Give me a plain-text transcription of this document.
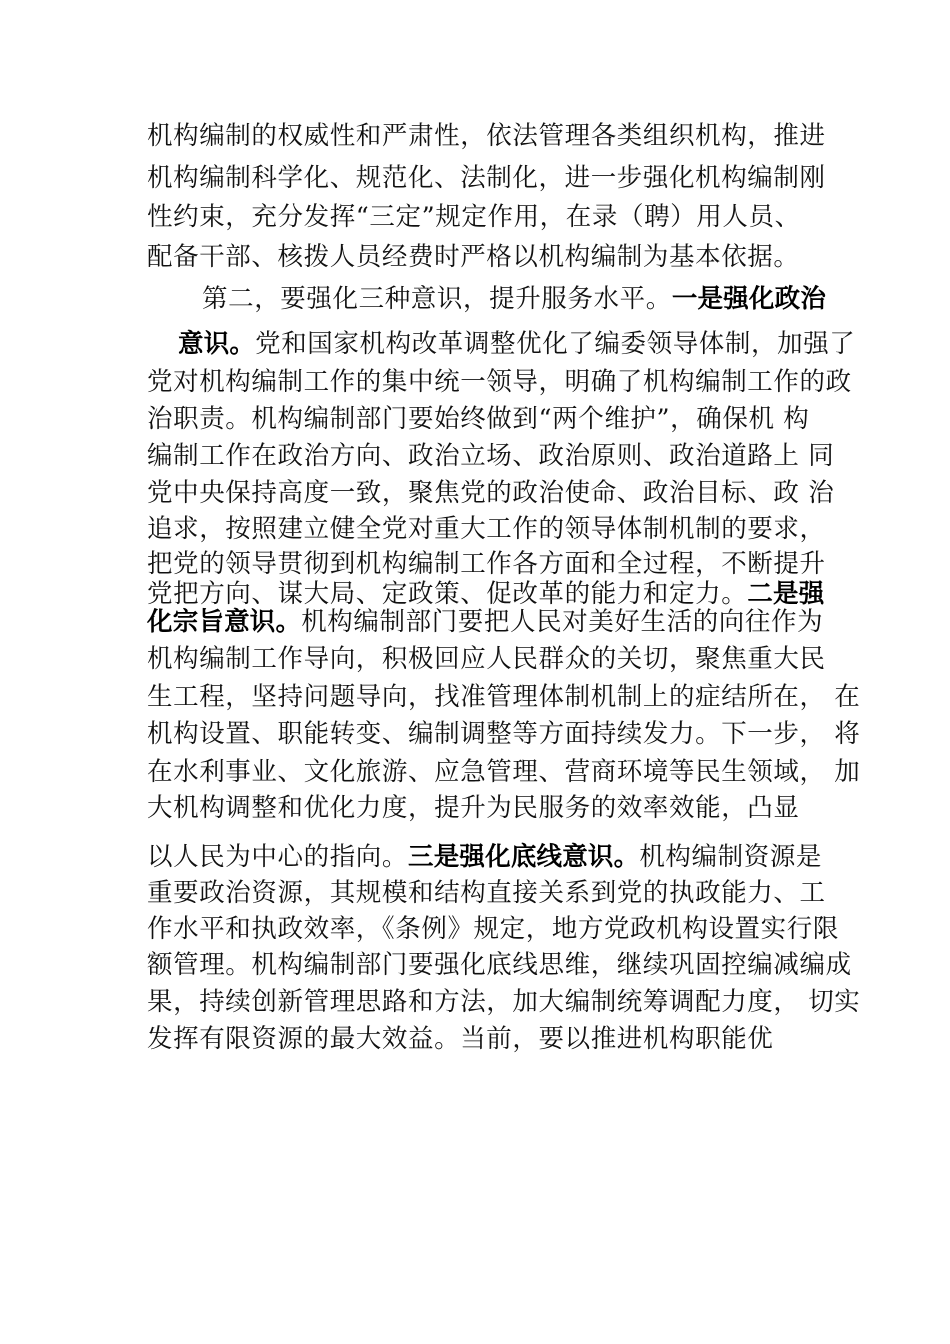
机构编制的权威性和严肃性，依法管理各类组织机构，推进
机构编制科学化、规范化、法制化，进一步强化机构编制刚
性约束，充分发挥“三定”规定作用，在录（聘）用人员、
配备干部、核拨人员经费时严格以机构编制为基本依据。
第二，要强化三种意识，提升服务水平。一是强化政治
意识。党和国家机构改革调整优化了编委领导体制，加强了
党对机构编制工作的集中统一领导，明确了机构编制工作的政
治职责。机构编制部门要始终做到“两个维护”，确保机 构
编制工作在政治方向、政治立场、政治原则、政治道路上 同
党中央保持高度一致，聚焦党的政治使命、政治目标、政 治
追求，按照建立健全党对重大工作的领导体制机制的要求，
把党的领导贯彻到机构编制工作各方面和全过程，不断提升
党把方向、谋大局、定政策、促改革的能力和定力。二是强
化宗旨意识。机构编制部门要把人民对美好生活的向往作为
机构编制工作导向，积极回应人民群众的关切，聚焦重大民
生工程，坚持问题导向，找准管理体制机制上的症结所在， 在
机构设置、职能转变、编制调整等方面持续发力。下一步， 将
在水利事业、文化旅游、应急管理、营商环境等民生领域， 加
大机构调整和优化力度，提升为民服务的效率效能，凸显
以人民为中心的指向。三是强化底线意识。机构编制资源是
重要政治资源，其规模和结构直接关系到党的执政能力、工
作水平和执政效率，《条例》规定，地方党政机构设置实行限
额管理。机构编制部门要强化底线思维，继续巩固控编减编成
果，持续创新管理思路和方法，加大编制统筹调配力度， 切实
发挥有限资源的最大效益。当前，要以推进机构职能优
